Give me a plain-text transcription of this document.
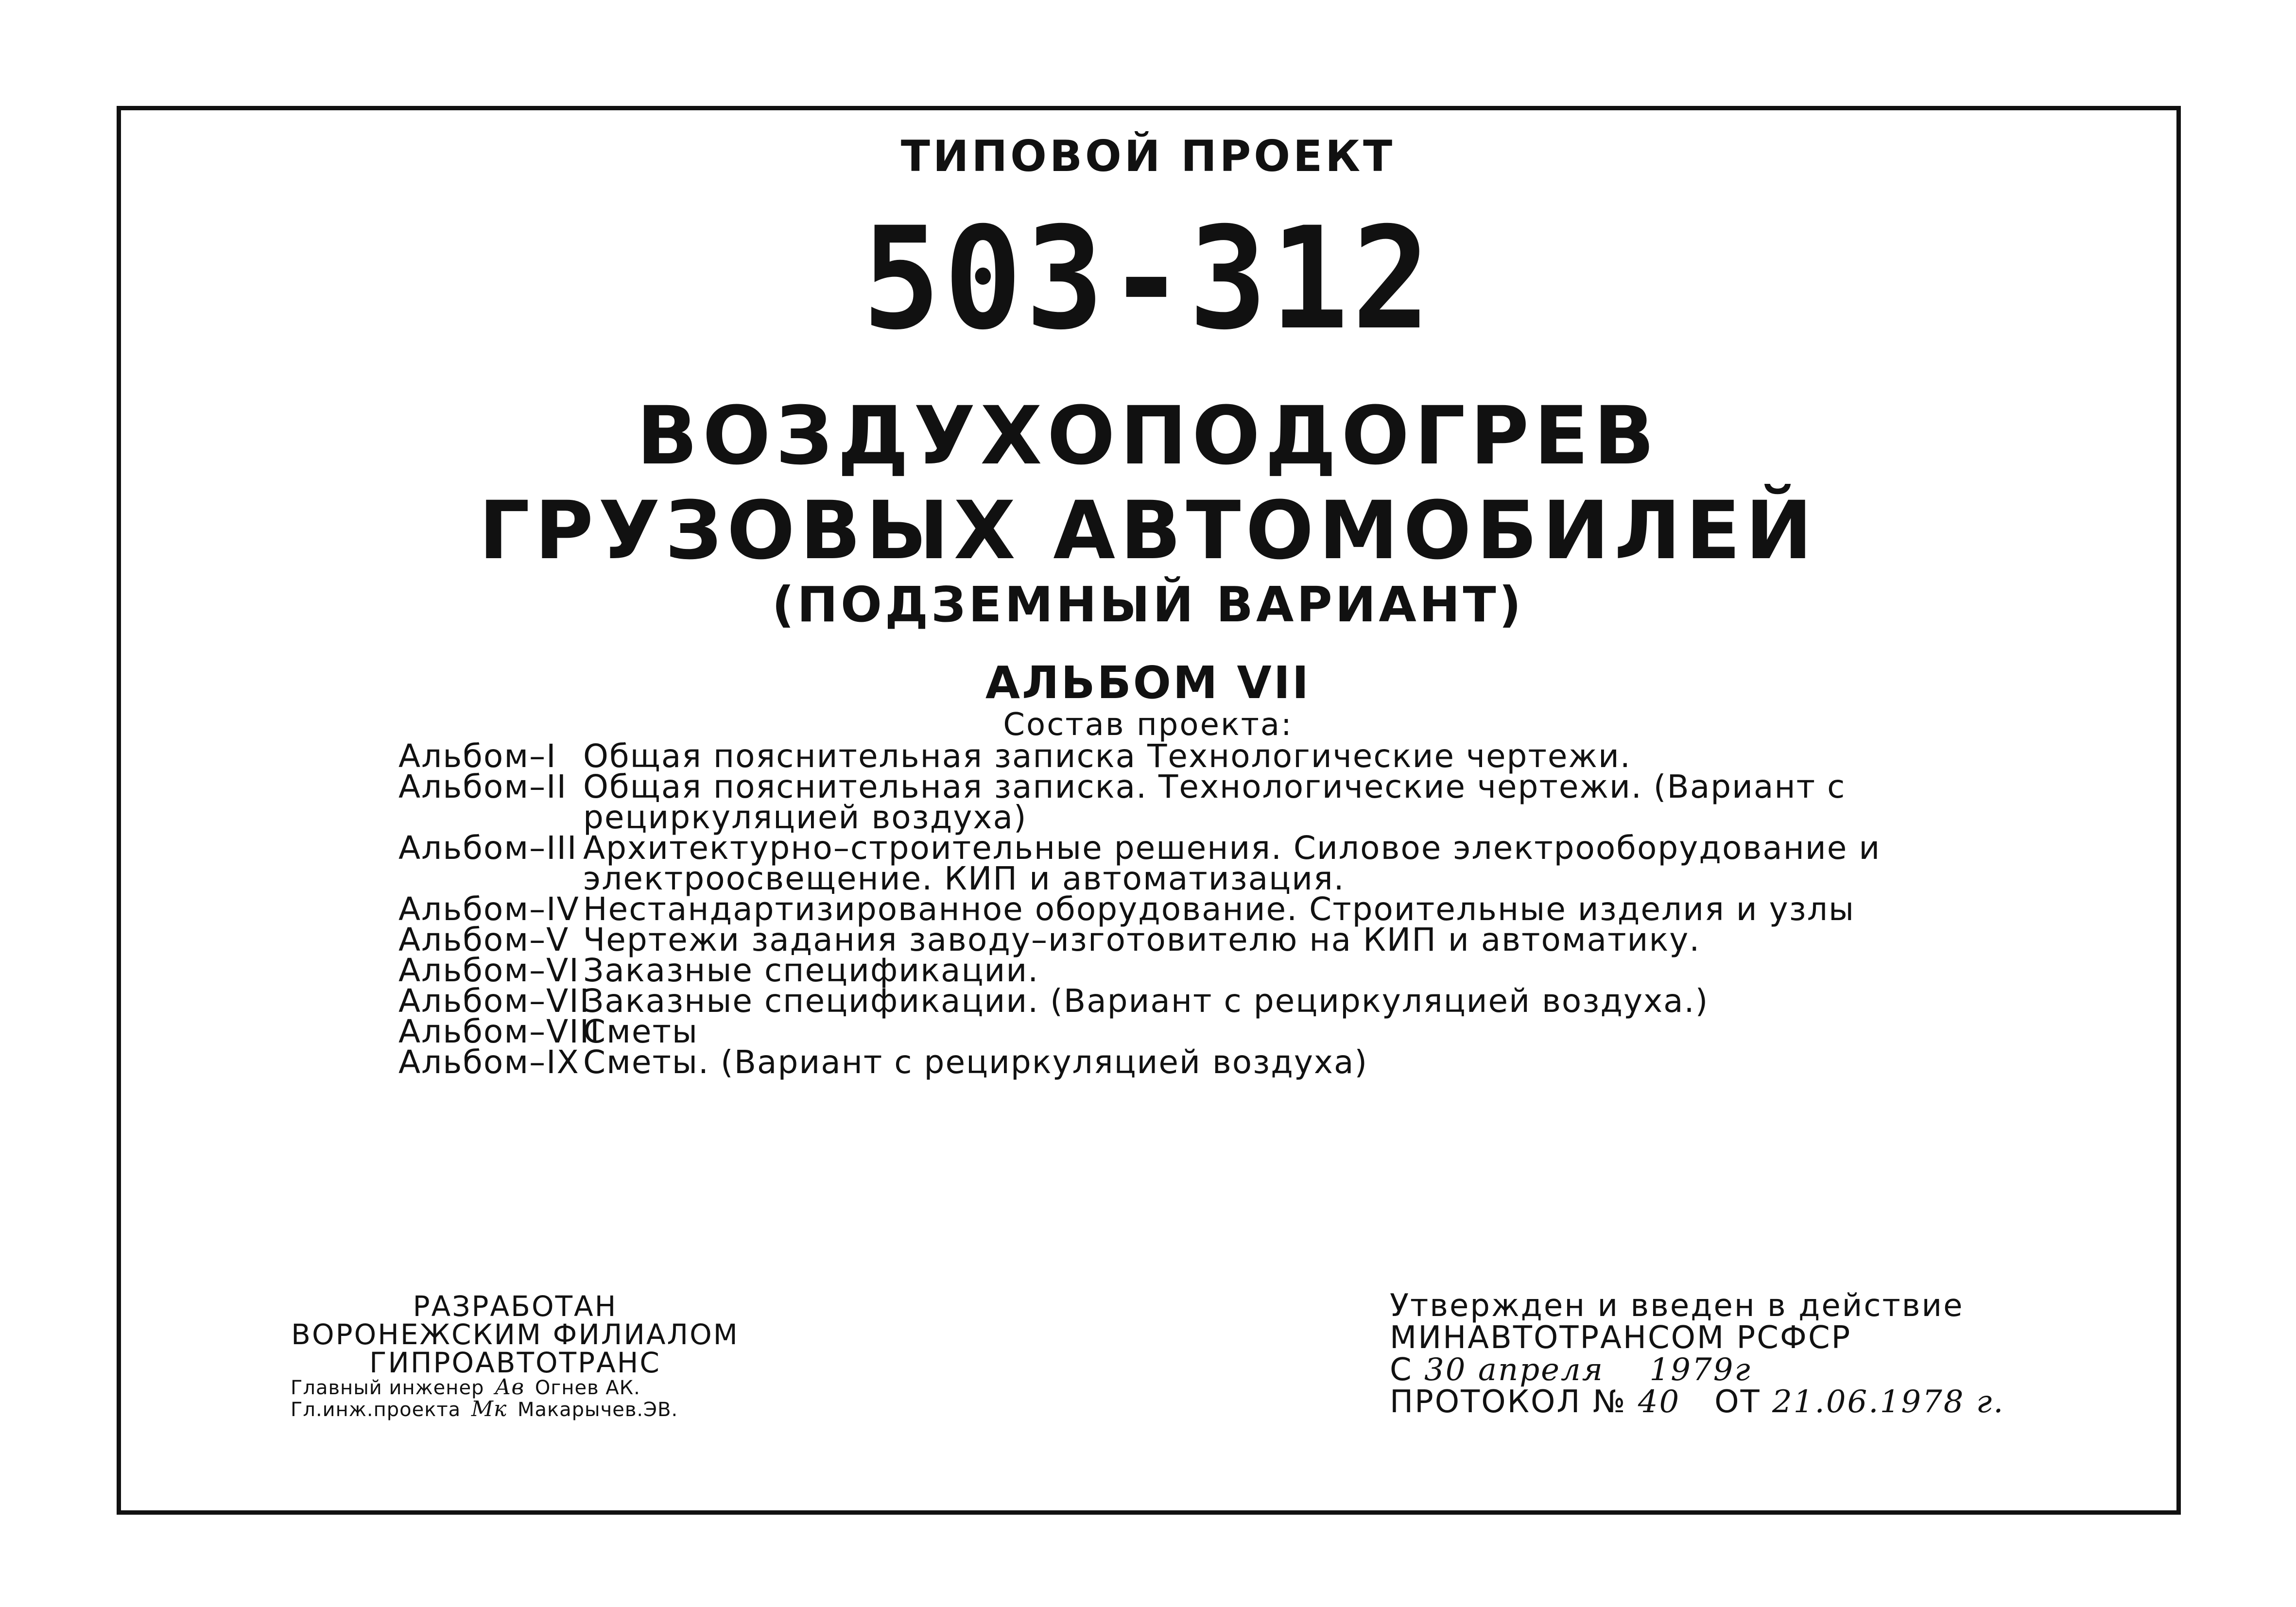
ТИПОВОЙ ПРОЕКТ
503-312
ВОЗДУХОПОДОГРЕВ
ГРУЗОВЫХ АВТОМОБИЛЕЙ
(ПОДЗЕМНЫЙ ВАРИАНТ)
АЛЬБОМ VII
Состав проекта:
Альбом–I Общая пояснительная записка Технологические чертежи.
Альбом–II Общая пояснительная записка. Технологические чертежи. (Вариант с
рециркуляцией воздуха)
Альбом–III Архитектурно–строительные решения. Силовое электрооборудование и
электроосвещение. КИП и автоматизация.
Альбом–IV Нестандартизированное оборудование. Строительные изделия и узлы
Альбом–V Чертежи задания заводу–изготовителю на КИП и автоматику.
Альбом–VI Заказные спецификации.
Альбом–VII
Заказные спецификации. (Вариант с рециркуляцией воздуха.)
Альбом–VIII
Сметы
Альбом–IX Сметы. (Вариант с рециркуляцией воздуха)
РАЗРАБОТАН
ВОРОНЕЖСКИМ ФИЛИАЛОМ
ГИПРОАВТОТРАНС
Главный инженер Ав Огнев АК.
Гл.инж.проекта Мк Макарычев.ЭВ.
Утвержден и введен в действие
МИНАВТОТРАНСОМ РСФСР
С 30 апреля 1979г
ПРОТОКОЛ № 40 ОТ 21.06.1978 г.
